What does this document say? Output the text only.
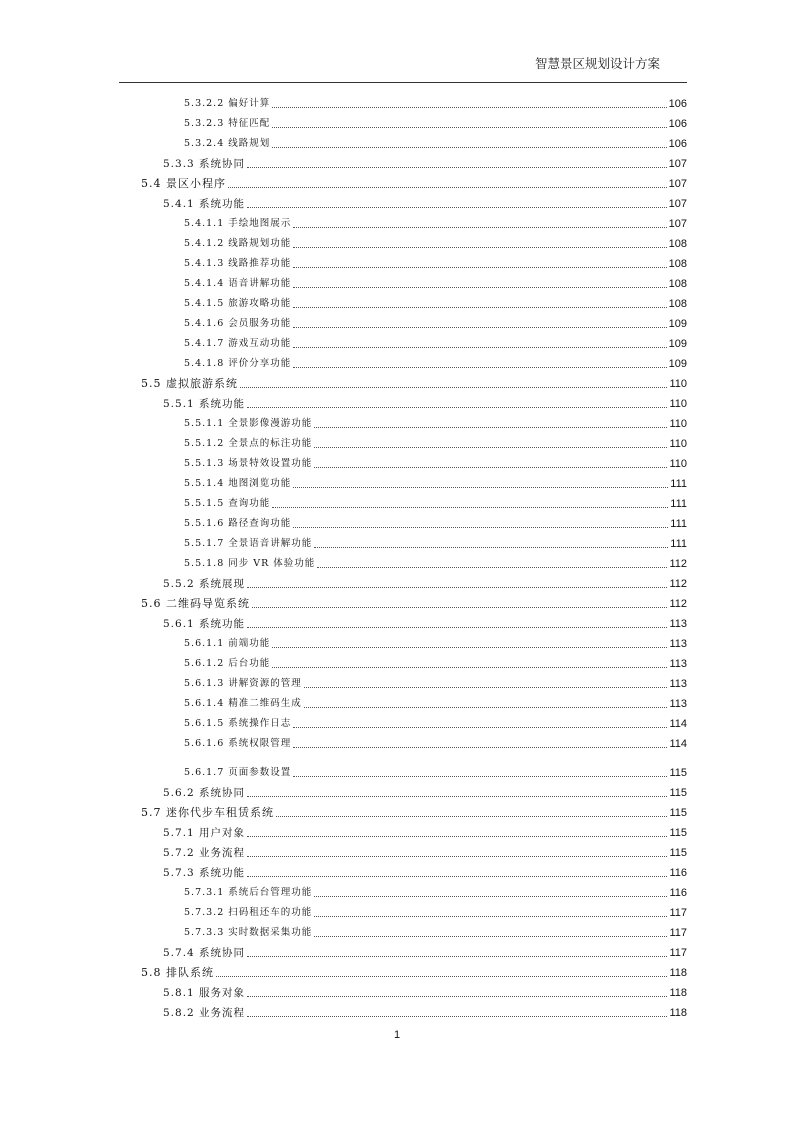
智慧景区规划设计方案
5.3.2.2 偏好计算	106
5.3.2.3 特征匹配	106
5.3.2.4 线路规划	106
5.3.3 系统协同	107
5.4 景区小程序	107
5.4.1 系统功能	107
5.4.1.1 手绘地图展示	107
5.4.1.2 线路规划功能	108
5.4.1.3 线路推荐功能	108
5.4.1.4 语音讲解功能	108
5.4.1.5 旅游攻略功能	108
5.4.1.6 会员服务功能	109
5.4.1.7 游戏互动功能	109
5.4.1.8 评价分享功能	109
5.5 虚拟旅游系统	110
5.5.1 系统功能	110
5.5.1.1 全景影像漫游功能	110
5.5.1.2 全景点的标注功能	110
5.5.1.3 场景特效设置功能	110
5.5.1.4 地图浏览功能	111
5.5.1.5 查询功能	111
5.5.1.6 路径查询功能	111
5.5.1.7 全景语音讲解功能	111
5.5.1.8 同步 VR 体验功能	112
5.5.2 系统展现	112
5.6 二维码导览系统	112
5.6.1 系统功能	113
5.6.1.1 前端功能	113
5.6.1.2 后台功能	113
5.6.1.3 讲解资源的管理	113
5.6.1.4 精准二维码生成	113
5.6.1.5 系统操作日志	114
5.6.1.6 系统权限管理	114
5.6.1.7 页面参数设置	115
5.6.2 系统协同	115
5.7 迷你代步车租赁系统	115
5.7.1 用户对象	115
5.7.2 业务流程	115
5.7.3 系统功能	116
5.7.3.1 系统后台管理功能	116
5.7.3.2 扫码租还车的功能	117
5.7.3.3 实时数据采集功能	117
5.7.4 系统协同	117
5.8 排队系统	118
5.8.1 服务对象	118
5.8.2 业务流程	118
1
